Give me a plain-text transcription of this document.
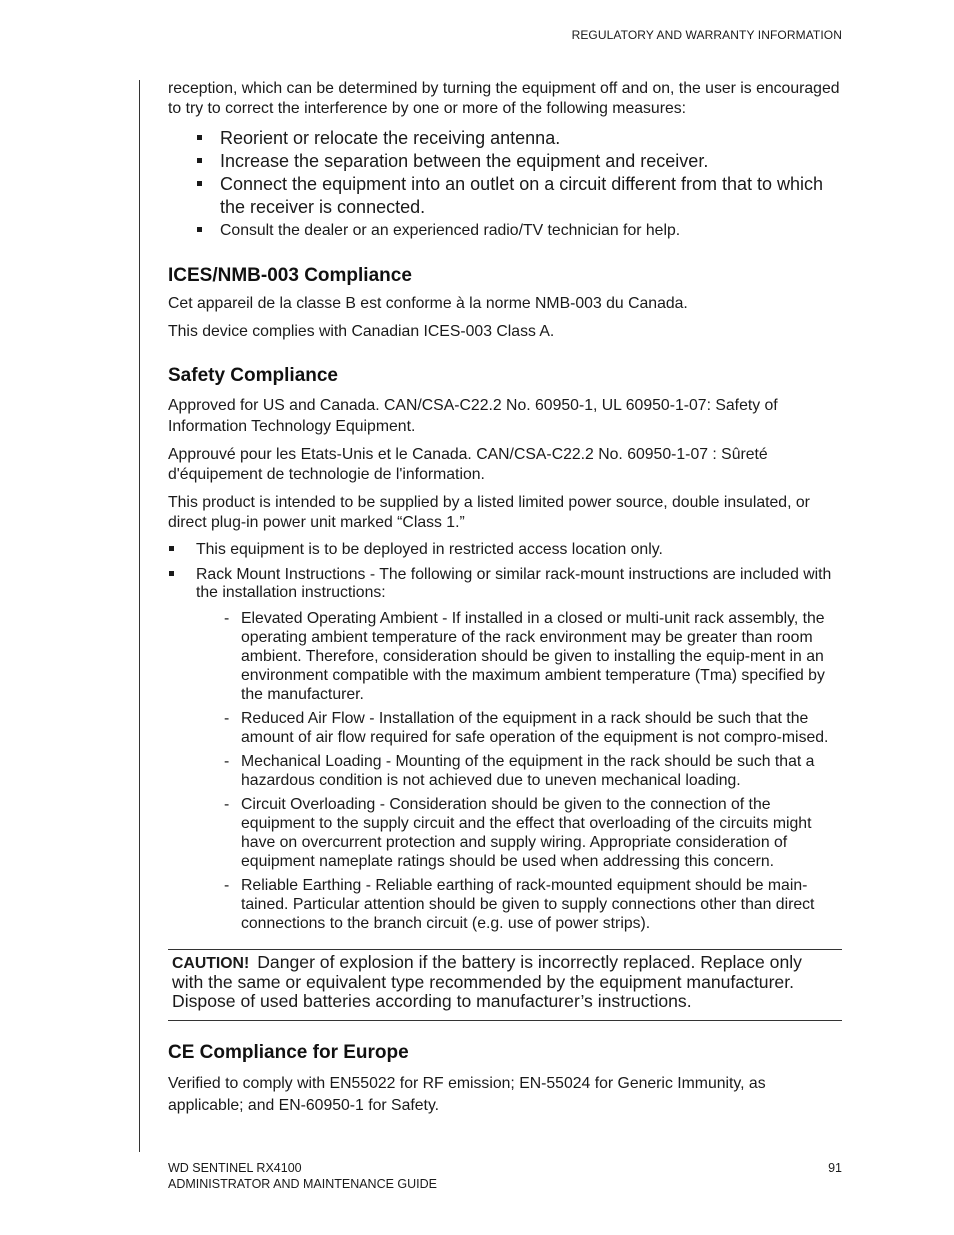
REGULATORY AND WARRANTY INFORMATION

reception, which can be determined by turning the equipment off and on, the user is encouraged to try to correct the interference by one or more of the following measures:

Reorient or relocate the receiving antenna.
Increase the separation between the equipment and receiver.
Connect the equipment into an outlet on a circuit different from that to which the receiver is connected.
Consult the dealer or an experienced radio/TV technician for help.
ICES/NMB-003 Compliance

Cet appareil de la classe B est conforme à la norme NMB-003 du Canada.

This device complies with Canadian ICES-003 Class A.

Safety Compliance

Approved for US and Canada. CAN/CSA-C22.2 No. 60950-1, UL 60950-1-07: Safety of Information Technology Equipment.

Approuvé pour les Etats-Unis et le Canada. CAN/CSA-C22.2 No. 60950-1-07 : Sûreté d'équipement de technologie de l'information.

This product is intended to be supplied by a listed limited power source, double insulated, or direct plug-in power unit marked “Class 1.”

This equipment is to be deployed in restricted access location only.
Rack Mount Instructions - The following or similar rack-mount instructions are included with the installation instructions:
- Elevated Operating Ambient - If installed in a closed or multi-unit rack assembly, the operating ambient temperature of the rack environment may be greater than room ambient. Therefore, consideration should be given to installing the equip-ment in an environment compatible with the maximum ambient temperature (Tma) specified by the manufacturer.
- Reduced Air Flow - Installation of the equipment in a rack should be such that the amount of air flow required for safe operation of the equipment is not compro-mised.
- Mechanical Loading - Mounting of the equipment in the rack should be such that a hazardous condition is not achieved due to uneven mechanical loading.
- Circuit Overloading - Consideration should be given to the connection of the equipment to the supply circuit and the effect that overloading of the circuits might have on overcurrent protection and supply wiring. Appropriate consideration of equipment nameplate ratings should be used when addressing this concern.
- Reliable Earthing - Reliable earthing of rack-mounted equipment should be main-tained. Particular attention should be given to supply connections other than direct connections to the branch circuit (e.g. use of power strips).
CAUTION! Danger of explosion if the battery is incorrectly replaced. Replace only with the same or equivalent type recommended by the equipment manufacturer. Dispose of used batteries according to manufacturer’s instructions.
CE Compliance for Europe

Verified to comply with EN55022 for RF emission; EN-55024 for Generic Immunity, as applicable; and EN-60950-1 for Safety.

WD SENTINEL RX4100
ADMINISTRATOR AND MAINTENANCE GUIDE
91
